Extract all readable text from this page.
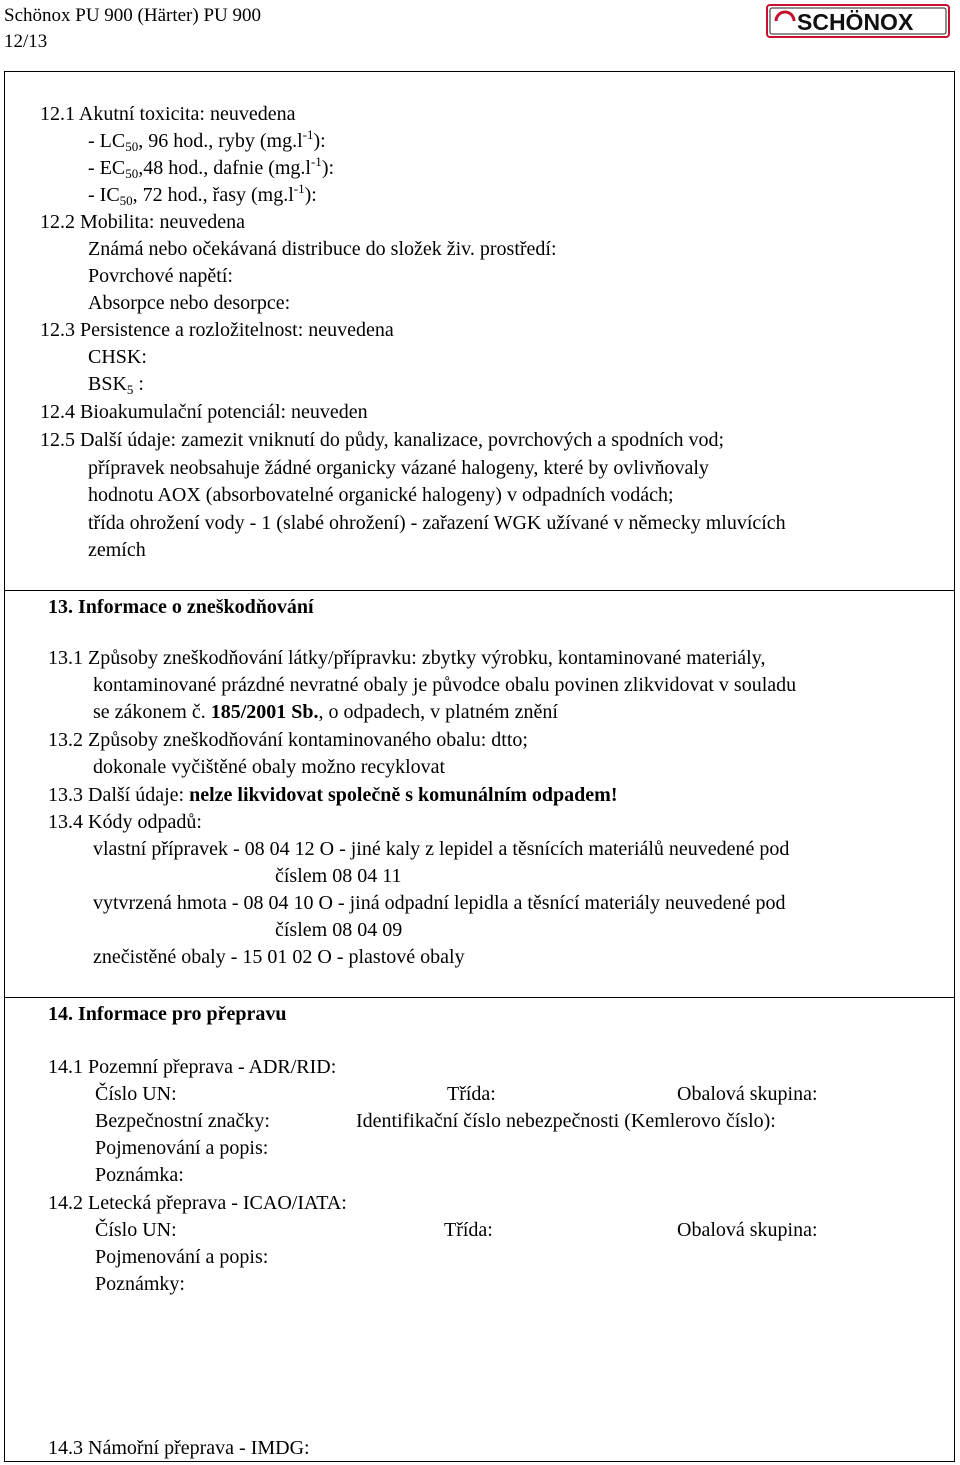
Schönox PU 900 (Härter) PU 900
12/13
SCHÖNOX
12.1 Akutní toxicita: neuvedena
- $LC_{50}$, 96 hod., ryby $(mg.l^{-1})$:
- $EC_{50},48$ hod., dafnie $(mg.l^{-1})$:
- $IC_{50}$, 72 hod., řasy $(mg.l^{-1})$:
12.2 Mobilita: neuvedena
Známá nebo očekávaná distribuce do složek živ. prostředí:
Povrchové napětí:
Absorpce nebo desorpce:
12.3 Persistence a rozložitelnost: neuvedena
CHSK:
$BSK_5$ :
12.4 Bioakumulační potenciál: neuveden
12.5 Další údaje: zamezit vniknutí do půdy, kanalizace, povrchových a spodních vod;
přípravek neobsahuje žádné organicky vázané halogeny, které by ovlivňovaly
hodnotu AOX (absorbovatelné organické halogeny) v odpadních vodách;
třída ohrožení vody - 1 (slabé ohrožení) - zařazení WGK užívané v německy mluvících
zemích
13. Informace o zneškodňování
13.1 Způsoby zneškodňování látky/přípravku: zbytky výrobku, kontaminované materiály,
kontaminované prázdné nevratné obaly je původce obalu povinen zlikvidovat v souladu
se zákonem č. 185/2001 Sb., o odpadech, v platném znění
13.2 Způsoby zneškodňování kontaminovaného obalu: dtto;
dokonale vyčištěné obaly možno recyklovat
13.3 Další údaje: nelze likvidovat společně s komunálním odpadem!
13.4 Kódy odpadů:
vlastní přípravek - 08 04 12 O - jiné kaly z lepidel a těsnících materiálů neuvedené pod
číslem 08 04 11
vytvrzená hmota - 08 04 10 O - jiná odpadní lepidla a těsnící materiály neuvedené pod
číslem 08 04 09
znečistěné obaly - 15 01 02 O - plastové obaly
14. Informace pro přepravu
14.1 Pozemní přeprava - ADR/RID:
Číslo UN:	Třída:	Obalová skupina:
Bezpečnostní značky:	Identifikační číslo nebezpečnosti (Kemlerovo číslo):
Pojmenování a popis:
Poznámka:
14.2 Letecká přeprava - ICAO/IATA:
Číslo UN:	Třída:	Obalová skupina:
Pojmenování a popis:
Poznámky:
14.3 Námořní přeprava - IMDG:
